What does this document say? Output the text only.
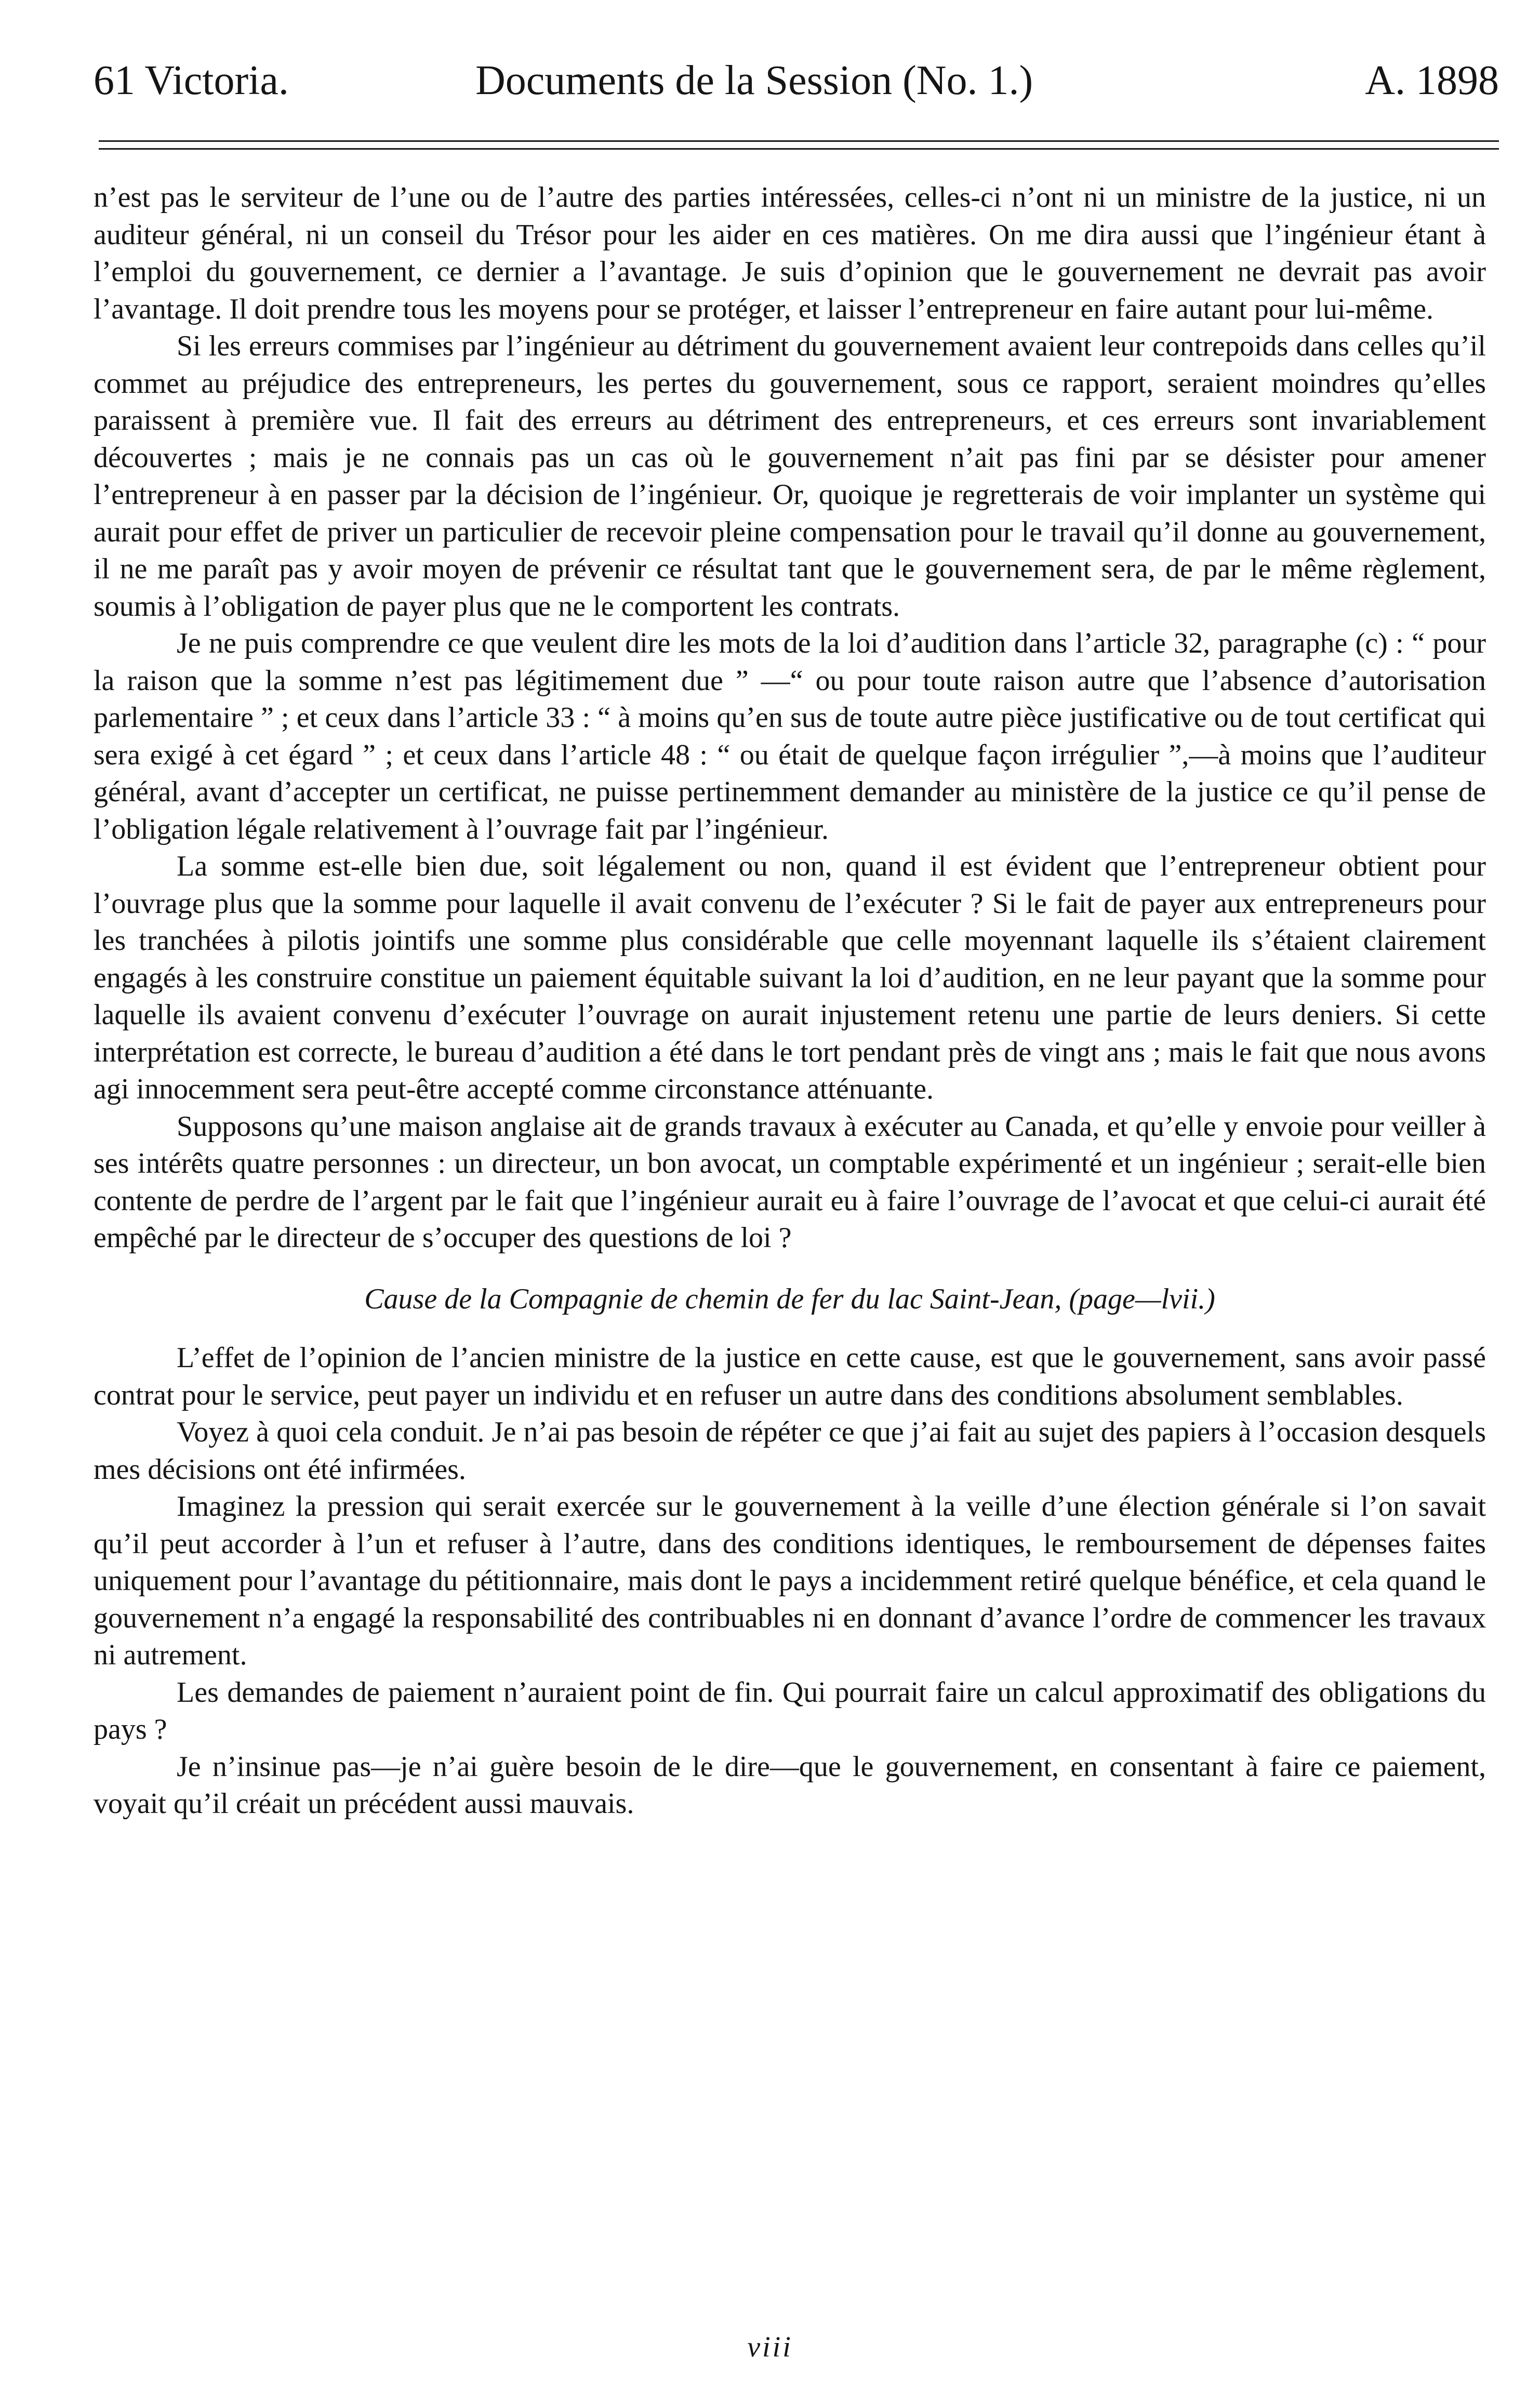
61 Victoria.	Documents de la Session (No. 1.)	A. 1898

n’est pas le serviteur de l’une ou de l’autre des parties intéressées, celles-ci n’ont ni un ministre de la justice, ni un auditeur général, ni un conseil du Trésor pour les aider en ces matières. On me dira aussi que l’ingénieur étant à l’emploi du gouvernement, ce dernier a l’avantage. Je suis d’opinion que le gouvernement ne devrait pas avoir l’avantage. Il doit prendre tous les moyens pour se protéger, et laisser l’entrepreneur en faire autant pour lui-même.

Si les erreurs commises par l’ingénieur au détriment du gouvernement avaient leur contrepoids dans celles qu’il commet au préjudice des entrepreneurs, les pertes du gouvernement, sous ce rapport, seraient moindres qu’elles paraissent à première vue. Il fait des erreurs au détriment des entrepreneurs, et ces erreurs sont invariablement découvertes ; mais je ne connais pas un cas où le gouvernement n’ait pas fini par se désister pour amener l’entrepreneur à en passer par la décision de l’ingénieur. Or, quoique je regretterais de voir implanter un système qui aurait pour effet de priver un particulier de recevoir pleine compensation pour le travail qu’il donne au gouvernement, il ne me paraît pas y avoir moyen de prévenir ce résultat tant que le gouvernement sera, de par le même règlement, soumis à l’obligation de payer plus que ne le comportent les contrats.

Je ne puis comprendre ce que veulent dire les mots de la loi d’audition dans l’article 32, paragraphe (c) : “ pour la raison que la somme n’est pas légitimement due ” —“ ou pour toute raison autre que l’absence d’autorisation parlementaire ” ; et ceux dans l’article 33 : “ à moins qu’en sus de toute autre pièce justificative ou de tout certificat qui sera exigé à cet égard ” ; et ceux dans l’article 48 : “ ou était de quelque façon irrégulier ”,—à moins que l’auditeur général, avant d’accepter un certificat, ne puisse pertinemment demander au ministère de la justice ce qu’il pense de l’obligation légale relativement à l’ouvrage fait par l’ingénieur.

La somme est-elle bien due, soit légalement ou non, quand il est évident que l’entrepreneur obtient pour l’ouvrage plus que la somme pour laquelle il avait convenu de l’exécuter ? Si le fait de payer aux entrepreneurs pour les tranchées à pilotis jointifs une somme plus considérable que celle moyennant laquelle ils s’étaient clairement engagés à les construire constitue un paiement équitable suivant la loi d’audition, en ne leur payant que la somme pour laquelle ils avaient convenu d’exécuter l’ouvrage on aurait injustement retenu une partie de leurs deniers. Si cette interprétation est correcte, le bureau d’audition a été dans le tort pendant près de vingt ans ; mais le fait que nous avons agi innocemment sera peut-être accepté comme circonstance atténuante.

Supposons qu’une maison anglaise ait de grands travaux à exécuter au Canada, et qu’elle y envoie pour veiller à ses intérêts quatre personnes : un directeur, un bon avocat, un comptable expérimenté et un ingénieur ; serait-elle bien contente de perdre de l’argent par le fait que l’ingénieur aurait eu à faire l’ouvrage de l’avocat et que celui-ci aurait été empêché par le directeur de s’occuper des questions de loi ?

Cause de la Compagnie de chemin de fer du lac Saint-Jean, (page—lvii.)

L’effet de l’opinion de l’ancien ministre de la justice en cette cause, est que le gouvernement, sans avoir passé contrat pour le service, peut payer un individu et en refuser un autre dans des conditions absolument semblables.

Voyez à quoi cela conduit. Je n’ai pas besoin de répéter ce que j’ai fait au sujet des papiers à l’occasion desquels mes décisions ont été infirmées.

Imaginez la pression qui serait exercée sur le gouvernement à la veille d’une élection générale si l’on savait qu’il peut accorder à l’un et refuser à l’autre, dans des conditions identiques, le remboursement de dépenses faites uniquement pour l’avantage du pétitionnaire, mais dont le pays a incidemment retiré quelque bénéfice, et cela quand le gouvernement n’a engagé la responsabilité des contribuables ni en donnant d’avance l’ordre de commencer les travaux ni autrement.

Les demandes de paiement n’auraient point de fin. Qui pourrait faire un calcul approximatif des obligations du pays ?

Je n’insinue pas—je n’ai guère besoin de le dire—que le gouvernement, en consentant à faire ce paiement, voyait qu’il créait un précédent aussi mauvais.

viii
